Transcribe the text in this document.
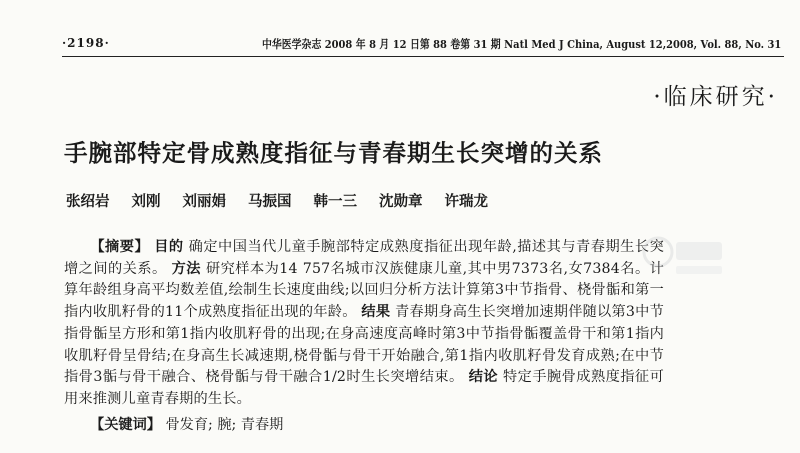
·2198·	中华医学杂志 2008 年 8 月 12 日第 88 卷第 31 期 Natl Med J China, August 12,2008, Vol. 88, No. 31
·临床研究·
手腕部特定骨成熟度指征与青春期生长突增的关系
张绍岩 刘刚 刘丽娟 马振国 韩一三 沈勋章 许瑞龙
【摘要】 目的 确定中国当代儿童手腕部特定成熟度指征出现年龄,描述其与青春期生长突增之间的关系。 方法 研究样本为14 757名城市汉族健康儿童,其中男7373名,女7384名。计算年龄组身高平均数差值,绘制生长速度曲线;以回归分析方法计算第3中节指骨、桡骨骺和第一指内收肌籽骨的11个成熟度指征出现的年龄。 结果 青春期身高生长突增加速期伴随以第3中节指骨骺呈方形和第1指内收肌籽骨的出现;在身高速度高峰时第3中节指骨骺覆盖骨干和第1指内收肌籽骨呈骨结;在身高生长减速期,桡骨骺与骨干开始融合,第1指内收肌籽骨发育成熟;在中节指骨3骺与骨干融合、桡骨骺与骨干融合1/2时生长突增结束。 结论 特定手腕骨成熟度指征可用来推测儿童青春期的生长。
【关键词】 骨发育; 腕; 青春期
